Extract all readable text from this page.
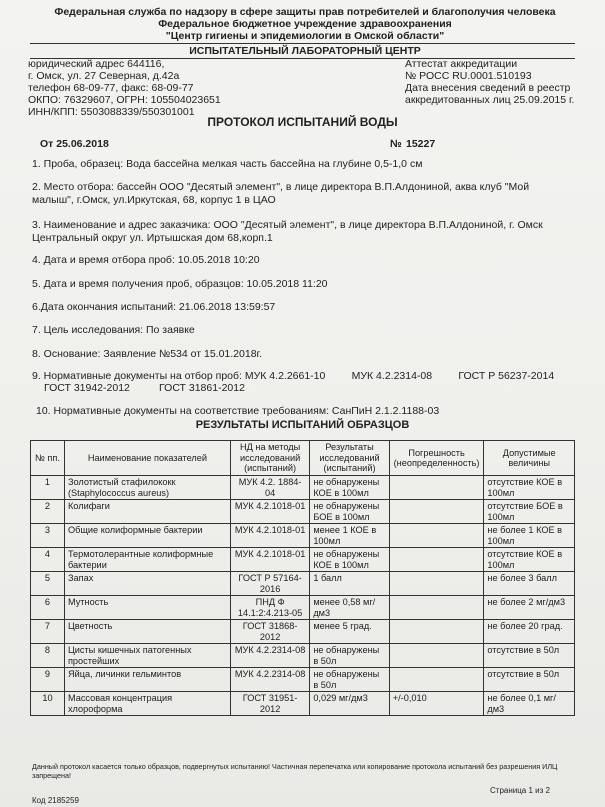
Федеральная служба по надзору в сфере защиты прав потребителей и благополучия человека
Федеральное бюджетное учреждение здравоохранения
"Центр гигиены и эпидемиологии в Омской области"
ИСПЫТАТЕЛЬНЫЙ ЛАБОРАТОРНЫЙ ЦЕНТР
юридический адрес 644116,
г. Омск, ул. 27 Северная, д.42а
телефон 68-09-77, факс: 68-09-77
ОКПО: 76329607, ОГРН: 105504023651
ИНН/КПП: 5503088339/550301001
Аттестат аккредитации
№ РОСС RU.0001.510193
Дата внесения сведений в реестр
аккредитованных лиц 25.09.2015 г.
ПРОТОКОЛ ИСПЫТАНИЙ ВОДЫ
От 25.06.2018	№ 15227
1. Проба, образец: Вода бассейна мелкая часть бассейна на глубине 0,5-1,0 см
2. Место отбора: бассейн ООО "Десятый элемент", в лице директора В.П.Алдониной, аква клуб "Мой
малыш", г.Омск, ул.Иркутская, 68, корпус 1 в ЦАО
3. Наименование и адрес заказчика: ООО "Десятый элемент", в лице директора В.П.Алдониной, г. Омск
Центральный округ ул. Иртышская дом 68,корп.1
4. Дата и время отбора проб: 10.05.2018 10:20
5. Дата и время получения проб, образцов: 10.05.2018 11:20
6.Дата окончания испытаний: 21.06.2018 13:59:57
7. Цель исследования: По заявке
8. Основание: Заявление №534 от 15.01.2018г.
9. Нормативные документы на отбор проб: МУК 4.2.2661-10         МУК 4.2.2314-08         ГОСТ Р 56237-2014
ГОСТ 31942-2012          ГОСТ 31861-2012
10. Нормативные документы на соответствие требованиям: СанПиН 2.1.2.1188-03
РЕЗУЛЬТАТЫ ИСПЫТАНИЙ ОБРАЗЦОВ
№ пп.	Наименование показателей	НД на методы исследований (испытаний)	Результаты исследований (испытаний)	Погрешность (неопределенность)	Допустимые величины
1	Золотистый стафилококк (Staphylococcus aureus)	МУК 4.2. 1884-04	не обнаружены КОЕ в 100мл		отсутствие КОЕ в 100мл
2	Колифаги	МУК 4.2.1018-01	не обнаружены БОЕ в 100мл		отсутствие БОЕ в 100мл
3	Общие колиформные бактерии	МУК 4.2.1018-01	менее 1 КОЕ в 100мл		не более 1 КОЕ в 100мл
4	Термотолерантные колиформные бактерии	МУК 4.2.1018-01	не обнаружены КОЕ в 100мл		отсутствие КОЕ в 100мл
5	Запах	ГОСТ Р 57164-2016	1 балл		не более 3 балл
6	Мутность	ПНД Ф 14.1:2:4.213-05	менее 0,58 мг/дм3		не более 2 мг/дм3
7	Цветность	ГОСТ 31868-2012	менее 5 град.		не более 20 град.
8	Цисты кишечных патогенных простейших	МУК 4.2.2314-08	не обнаружены в 50л		отсутствие в 50л
9	Яйца, личинки гельминтов	МУК 4.2.2314-08	не обнаружены в 50л		отсутствие в 50л
10	Массовая концентрация хлороформа	ГОСТ 31951-2012	0,029 мг/дм3	+/-0,010	не более 0,1 мг/дм3
Данный протокол касается только образцов, подвергнутых испытанию! Частичная перепечатка или копирование протокола испытаний без разрешения ИЛЦ запрещена!
Страница 1 из 2
Код 2185259
